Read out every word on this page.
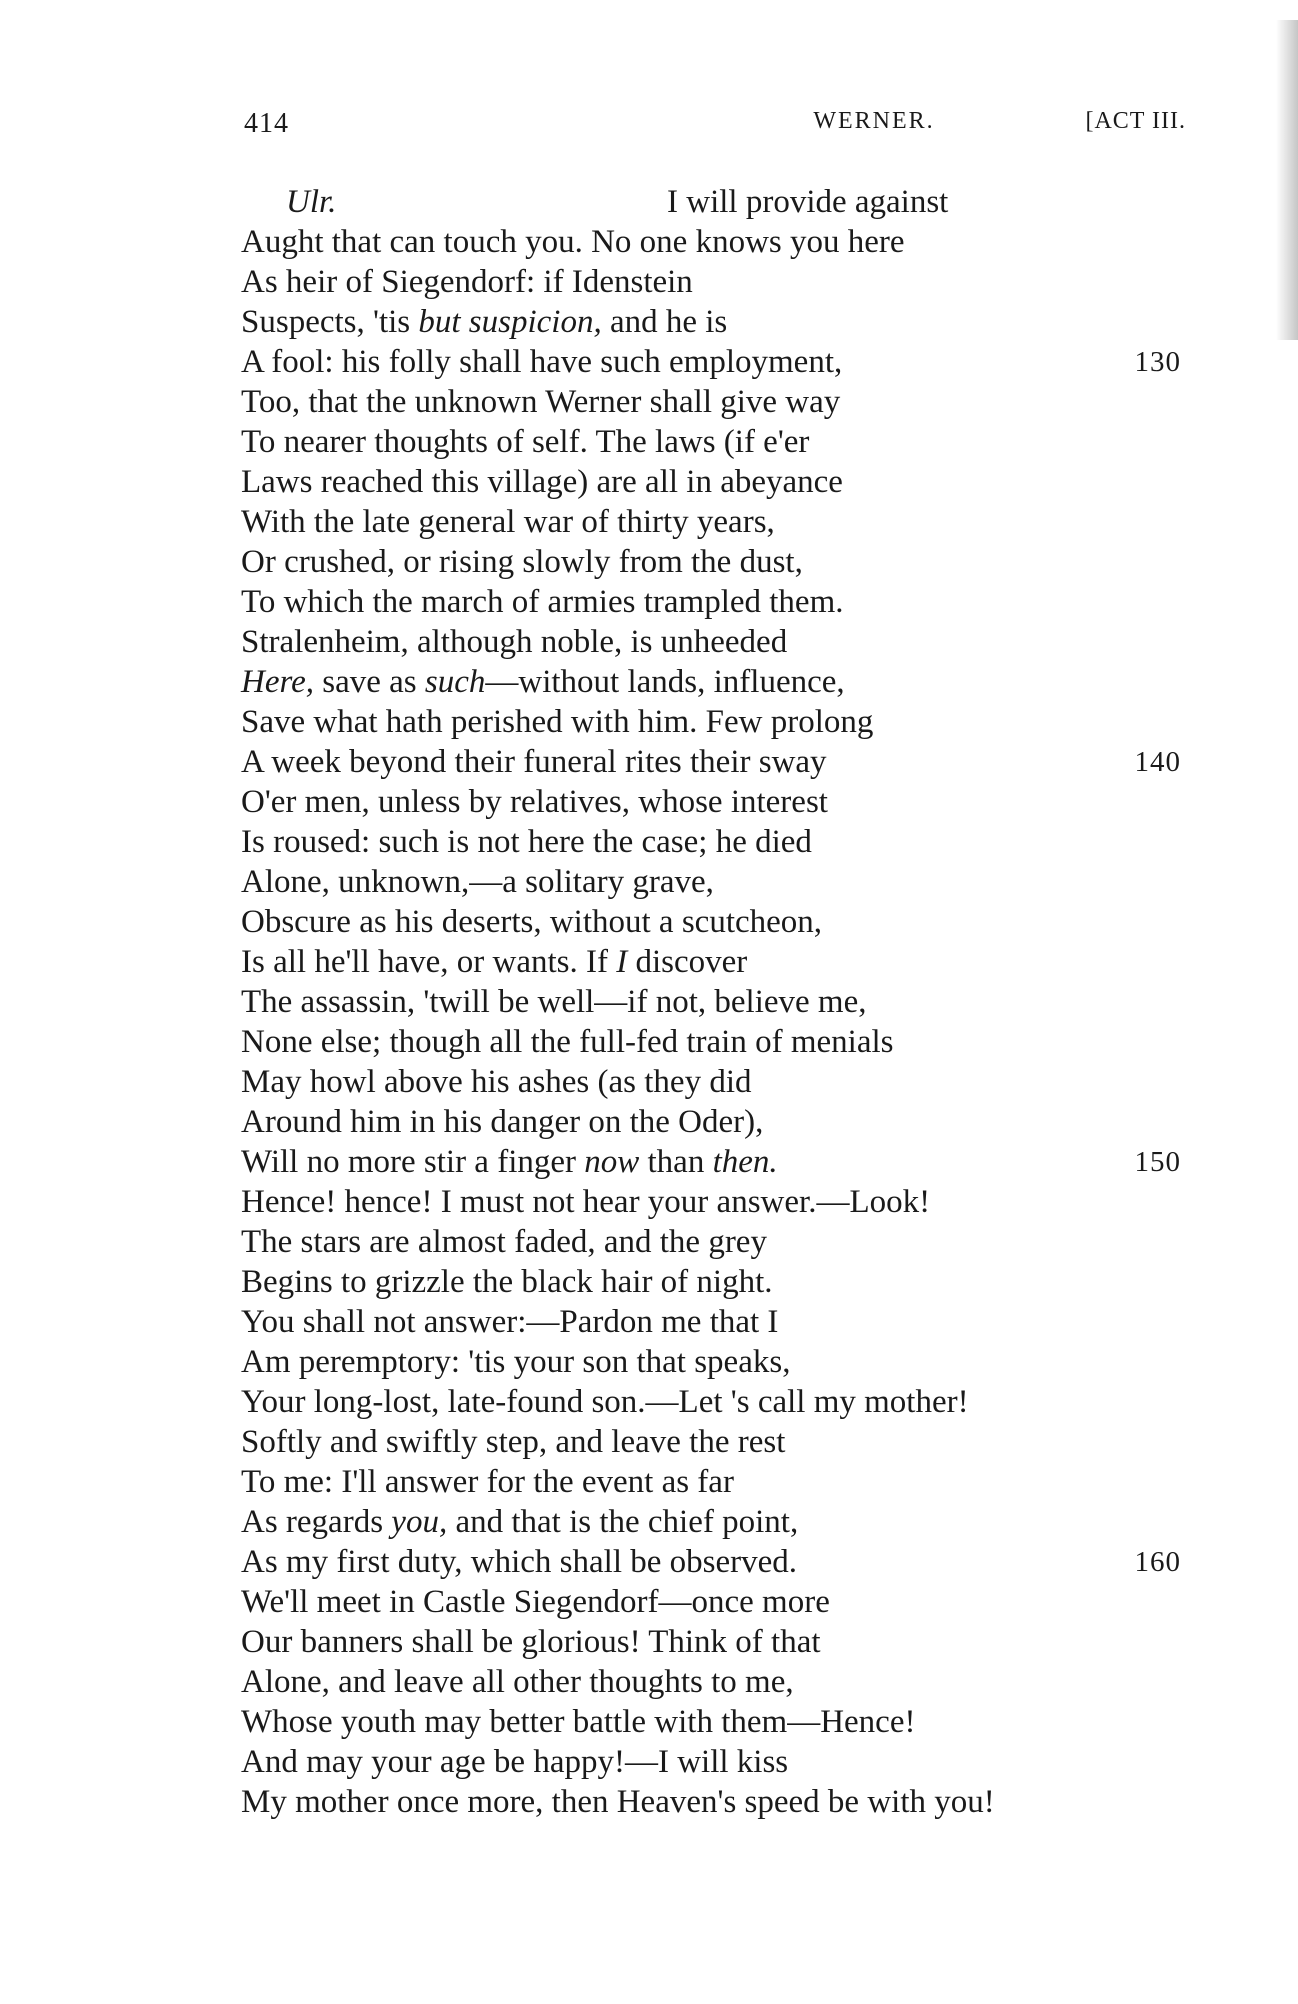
414	WERNER.	[ACT III.
Ulr.	I will provide against
Aught that can touch you. No one knows you here
As heir of Siegendorf: if Idenstein
Suspects, 'tis but suspicion, and he is
A fool: his folly shall have such employment,	130
Too, that the unknown Werner shall give way
To nearer thoughts of self. The laws (if e'er
Laws reached this village) are all in abeyance
With the late general war of thirty years,
Or crushed, or rising slowly from the dust,
To which the march of armies trampled them.
Stralenheim, although noble, is unheeded
Here, save as such—without lands, influence,
Save what hath perished with him. Few prolong
A week beyond their funeral rites their sway	140
O'er men, unless by relatives, whose interest
Is roused: such is not here the case; he died
Alone, unknown,—a solitary grave,
Obscure as his deserts, without a scutcheon,
Is all he'll have, or wants. If I discover
The assassin, 'twill be well—if not, believe me,
None else; though all the full-fed train of menials
May howl above his ashes (as they did
Around him in his danger on the Oder),
Will no more stir a finger now than then.	150
Hence! hence! I must not hear your answer.—Look!
The stars are almost faded, and the grey
Begins to grizzle the black hair of night.
You shall not answer:—Pardon me that I
Am peremptory: 'tis your son that speaks,
Your long-lost, late-found son.—Let 's call my mother!
Softly and swiftly step, and leave the rest
To me: I'll answer for the event as far
As regards you, and that is the chief point,
As my first duty, which shall be observed.	160
We'll meet in Castle Siegendorf—once more
Our banners shall be glorious! Think of that
Alone, and leave all other thoughts to me,
Whose youth may better battle with them—Hence!
And may your age be happy!—I will kiss
My mother once more, then Heaven's speed be with you!
